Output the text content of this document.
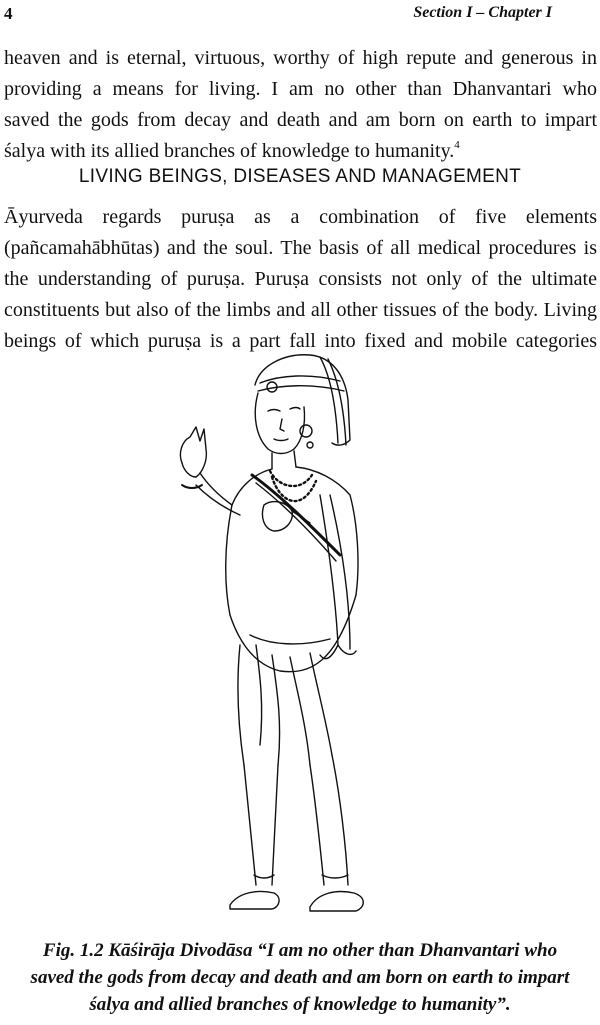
4	Section I – Chapter I
heaven and is eternal, virtuous, worthy of high repute and generous in
providing a means for living. I am no other than Dhanvantari who
saved the gods from decay and death and am born on earth to impart
śalya with its allied branches of knowledge to humanity.$^4$
LIVING BEINGS, DISEASES AND MANAGEMENT
Āyurveda regards puruṣa as a combination of five elements
(pañcamahābhūtas) and the soul. The basis of all medical procedures is
the understanding of puruṣa. Puruṣa consists not only of the ultimate
constituents but also of the limbs and all other tissues of the body. Living
beings of which puruṣa is a part fall into fixed and mobile categories
Fig. 1.2 Kāśirāja Divodāsa “I am no other than Dhanvantari who
saved the gods from decay and death and am born on earth to impart
śalya and allied branches of knowledge to humanity”.
